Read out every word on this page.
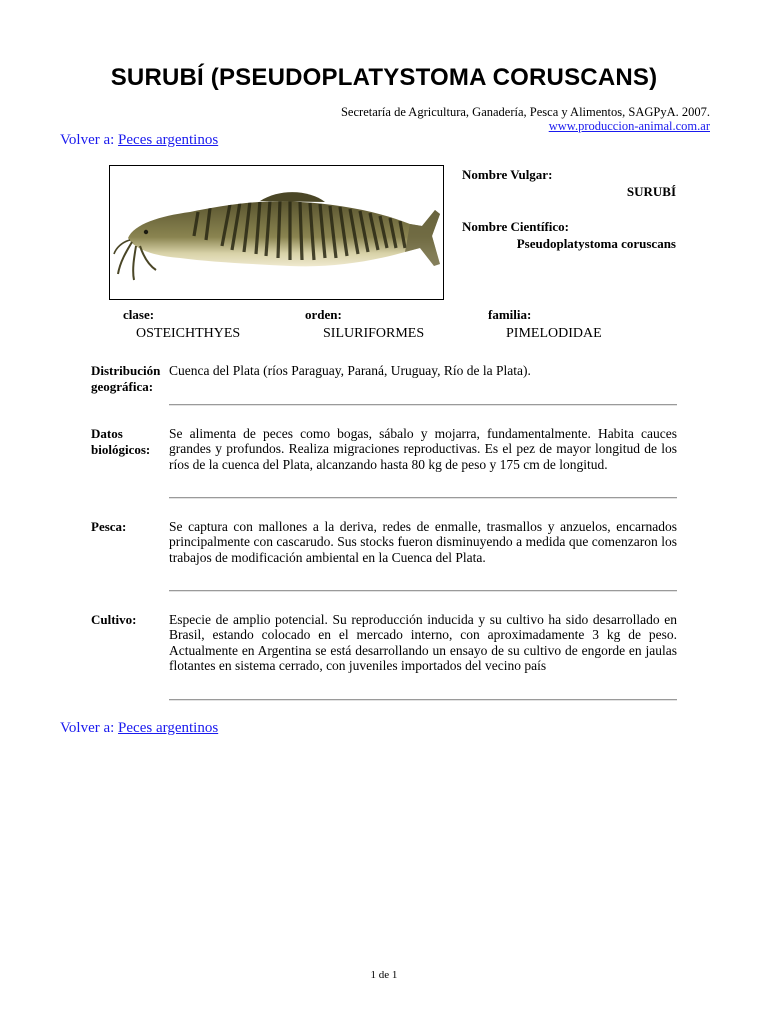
SURUBÍ (PSEUDOPLATYSTOMA CORUSCANS)
Secretaría de Agricultura, Ganadería, Pesca y Alimentos, SAGPyA. 2007.
www.produccion-animal.com.ar
Volver a: Peces argentinos
Nombre Vulgar:
SURUBÍ
Nombre Científico:
Pseudoplatystoma coruscans
clase:
OSTEICHTHYES
orden:
SILURIFORMES
familia:
PIMELODIDAE
Distribución
geográfica:
Cuenca del Plata (ríos Paraguay, Paraná, Uruguay, Río de la Plata).
Datos
biológicos:
Se alimenta de peces como bogas, sábalo y mojarra, fundamentalmente. Habita cauces grandes y profundos. Realiza migraciones reproductivas. Es el pez de mayor longitud de los ríos de la cuenca del Plata, alcanzando hasta 80 kg de peso y 175 cm de longitud.
Pesca:	Se captura con mallones a la deriva, redes de enmalle, trasmallos y anzuelos, encarnados principalmente con cascarudo. Sus stocks fueron disminuyendo a medida que comenzaron los trabajos de modificación ambiental en la Cuenca del Plata.
Cultivo: Especie de amplio potencial. Su reproducción inducida y su cultivo ha sido desarrollado en Brasil, estando colocado en el mercado interno, con aproximadamente 3 kg de peso. Actualmente en Argentina se está desarrollando un ensayo de su cultivo de engorde en jaulas flotantes en sistema cerrado, con juveniles importados del vecino país
Volver a: Peces argentinos
1 de 1
